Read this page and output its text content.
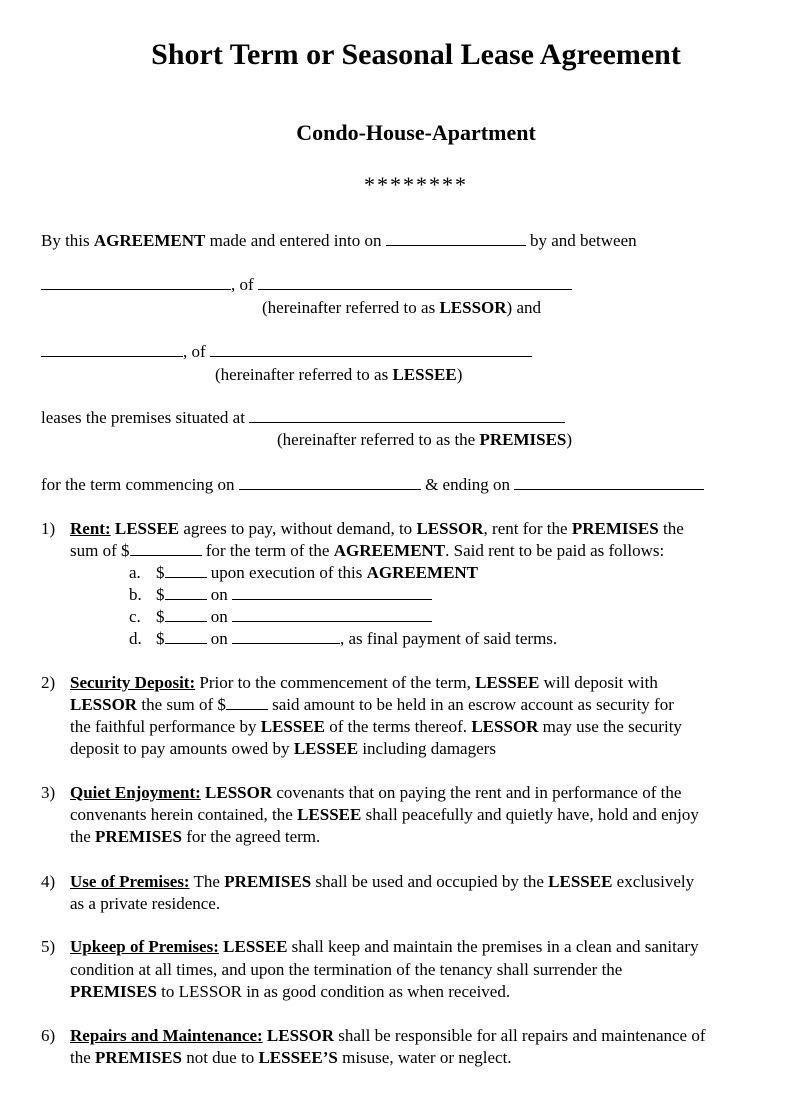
Short Term or Seasonal Lease Agreement
Condo-House-Apartment
********
By this AGREEMENT made and entered into on	by and between
, of
(hereinafter referred to as LESSOR) and
, of
(hereinafter referred to as LESSEE)
leases the premises situated at
(hereinafter referred to as the PREMISES)
for the term commencing on	& ending on
1) Rent: LESSEE agrees to pay, without demand, to LESSOR, rent for the PREMISES the
sum of $	for the term of the AGREEMENT. Said rent to be paid as follows:
a. $	upon execution of this AGREEMENT
b. $	on
c. $	on
d. $	on	, as final payment of said terms.
2) Security Deposit: Prior to the commencement of the term, LESSEE will deposit with
LESSOR the sum of $	said amount to be held in an escrow account as security for
the faithful performance by LESSEE of the terms thereof. LESSOR may use the security
deposit to pay amounts owed by LESSEE including damagers
3) Quiet Enjoyment: LESSOR covenants that on paying the rent and in performance of the
convenants herein contained, the LESSEE shall peacefully and quietly have, hold and enjoy
the PREMISES for the agreed term.
4) Use of Premises: The PREMISES shall be used and occupied by the LESSEE exclusively
as a private residence.
5) Upkeep of Premises: LESSEE shall keep and maintain the premises in a clean and sanitary
condition at all times, and upon the termination of the tenancy shall surrender the
PREMISES to LESSOR in as good condition as when received.
6) Repairs and Maintenance: LESSOR shall be responsible for all repairs and maintenance of
the PREMISES not due to LESSEE’S misuse, water or neglect.
